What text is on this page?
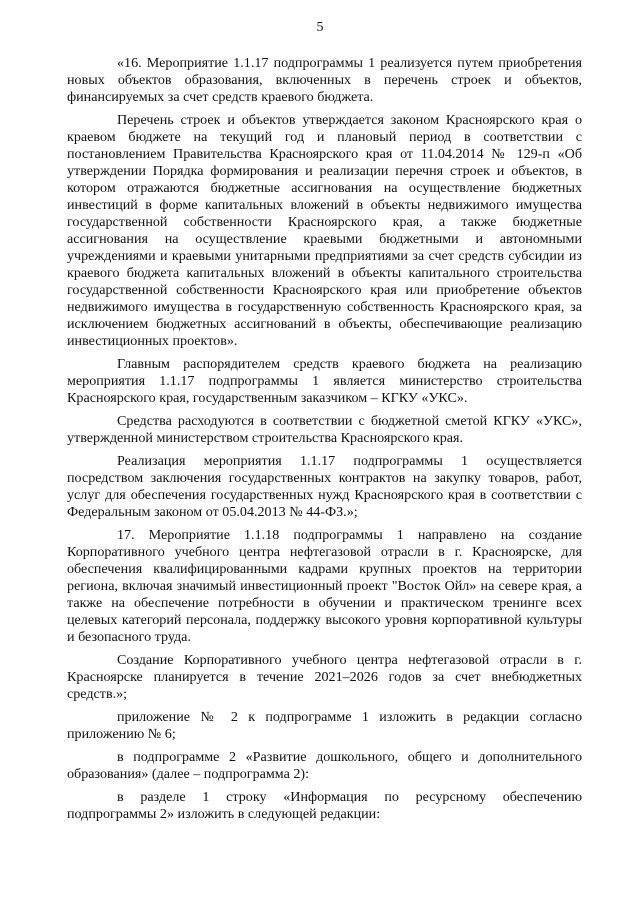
5

«16. Мероприятие 1.1.17 подпрограммы 1 реализуется путем приобретения новых объектов образования, включенных в перечень строек и объектов, финансируемых за счет средств краевого бюджета.

Перечень строек и объектов утверждается законом Красноярского края о краевом бюджете на текущий год и плановый период в соответствии с постановлением Правительства Красноярского края от 11.04.2014 № 129-п «Об утверждении Порядка формирования и реализации перечня строек и объектов, в котором отражаются бюджетные ассигнования на осуществление бюджетных инвестиций в форме капитальных вложений в объекты недвижимого имущества государственной собственности Красноярского края, а также бюджетные ассигнования на осуществление краевыми бюджетными и автономными учреждениями и краевыми унитарными предприятиями за счет средств субсидии из краевого бюджета капитальных вложений в объекты капитального строительства государственной собственности Красноярского края или приобретение объектов недвижимого имущества в государственную собственность Красноярского края, за исключением бюджетных ассигнований в объекты, обеспечивающие реализацию инвестиционных проектов».

Главным распорядителем средств краевого бюджета на реализацию мероприятия 1.1.17 подпрограммы 1 является министерство строительства Красноярского края, государственным заказчиком – КГКУ «УКС».

Средства расходуются в соответствии с бюджетной сметой КГКУ «УКС», утвержденной министерством строительства Красноярского края.

Реализация мероприятия 1.1.17 подпрограммы 1 осуществляется посредством заключения государственных контрактов на закупку товаров, работ, услуг для обеспечения государственных нужд Красноярского края в соответствии с Федеральным законом от 05.04.2013 № 44-ФЗ.»;

17. Мероприятие 1.1.18 подпрограммы 1 направлено на создание Корпоративного учебного центра нефтегазовой отрасли в г. Красноярске, для обеспечения квалифицированными кадрами крупных проектов на территории региона, включая значимый инвестиционный проект "Восток Ойл» на севере края, а также на обеспечение потребности в обучении и практическом тренинге всех целевых категорий персонала, поддержку высокого уровня корпоративной культуры и безопасного труда.

Создание Корпоративного учебного центра нефтегазовой отрасли в г. Красноярске планируется в течение 2021–2026 годов за счет внебюджетных средств.»;

приложение № 2 к подпрограмме 1 изложить в редакции согласно приложению № 6;

в подпрограмме 2 «Развитие дошкольного, общего и дополнительного образования» (далее – подпрограмма 2):

в разделе 1 строку «Информация по ресурсному обеспечению подпрограммы 2» изложить в следующей редакции:
